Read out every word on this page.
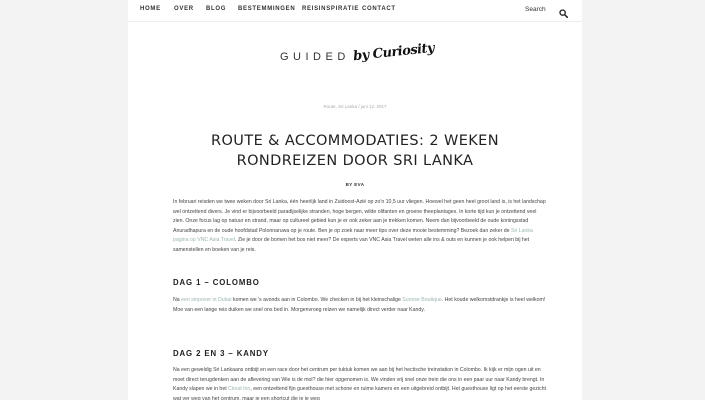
HOME OVER BLOG BESTEMMINGEN REISINSPIRATIE CONTACT	Search
GUIDED by Curiosity
Route, Sri Lanka / juni 12, 2017
ROUTE & ACCOMMODATIES: 2 WEKEN RONDREIZEN DOOR SRI LANKA
BY EVA

In februari reisden we twee weken door Sri Lanka, één heerlijk land in Zuidoost-Azië op zo'n 10,5 uur vliegen. Hoewel het geen heel groot land is, is het landschap wel ontzettend divers. Je vind er bijvoorbeeld paradijselijke stranden, hoge bergen, wilde olifanten en groene theeplantages. In korte tijd kun je ontzettend veel zien. Onze focus lag op natuur en strand, maar op cultureel gebied kun je er ook zeker aan je trekken komen. Neem dan bijvoorbeeld de oude koningsstad Anuradhapura en de oude hoofdstad Polonnaruwa op je route. Ben je op zoek naar meer tips over deze mooie bestemming? Bezoek dan zeker de Sri Lanka pagina op VNC Asia Travel. Zie je door de bomen het bos niet meer? De experts van VNC Asia Travel weten alle ins & outs en kunnen je ook helpen bij het samenstellen en boeken van je reis.

DAG 1 – COLOMBO

Na een stopover in Dubai komen we 's avonds aan in Colombo. We checken in bij het kleinschalige Sunrise Boutique. Het koude welkomstdrankje is heel welkom! Moe van een lange reis duiken we snel ons bed in. Morgenvroeg reizen we namelijk direct verder naar Kandy.

DAG 2 EN 3 – KANDY

Na een geweldig Sri Lankaans ontbijt en een race door het centrum per tuktuk komen we aan bij het hectische treinstation in Colombo. Ik kijk er mijn ogen uit en moet direct terugdenken aan de aflevering van Wie is de mol? die hier opgenomen is. We vinden vrij snel onze trein die ons in een paar uur naar Kandy brengt. In Kandy slapen we in het Cloud Inn, een ontzettend fijn guesthouse met schone en ruime kamers en een uitgebreid ontbijt. Het guesthouse ligt op het eerste gezicht wat ver weg van het centrum, maar je een shortcut die je je weg
